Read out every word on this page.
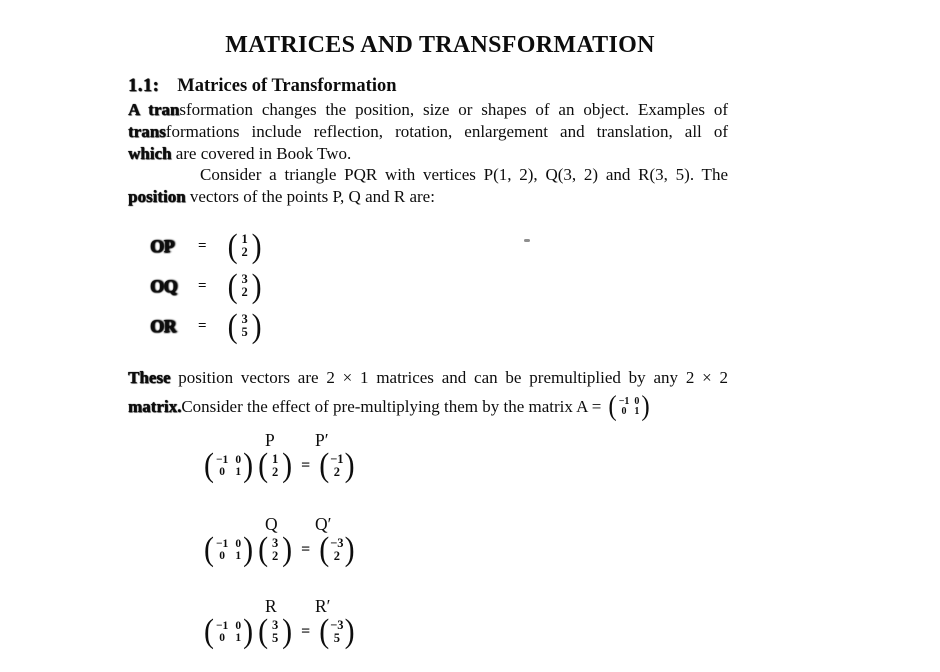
MATRICES AND TRANSFORMATION
1.1: Matrices of Transformation
A transformation changes the position, size or shapes of an object. Examples of
transformations include reflection, rotation, enlargement and translation, all of
which are covered in Book Two.
Consider a triangle PQR with vertices P(1, 2), Q(3, 2) and R(3, 5). The
position vectors of the points P, Q and R are:
OP = ( 1
2 )
OQ = ( 3
2 )
OR = ( 3
5 )
These position vectors are 2 × 1 matrices and can be premultiplied by any 2 × 2
matrix. Consider the effect of pre-multiplying them by the matrix A = ( −1 0
0 1 )
P P′
( −1 0
0 1 ) ( 1
2 ) = ( −1
2 )
Q Q′
( −1 0
0 1 ) ( 3
2 ) = ( −3
2 )
R R′
( −1 0
0 1 ) ( 3
5 ) = ( −3
5 )
